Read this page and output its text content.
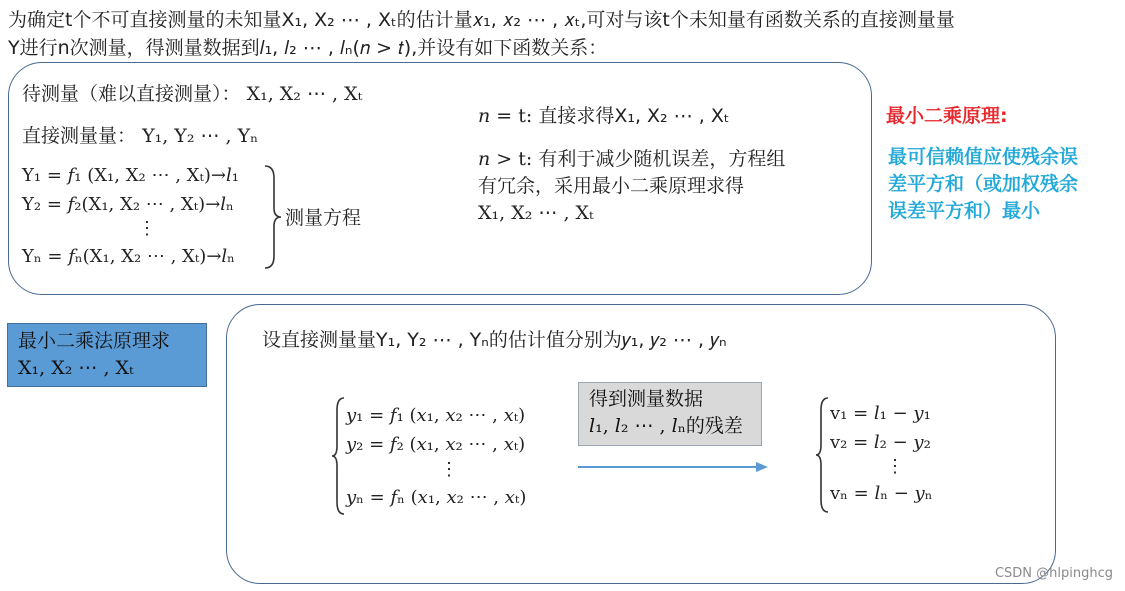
为确定t个不可直接测量的未知量X₁, X₂ ⋯ , Xₜ的估计量𝑥₁, 𝑥₂ ⋯ , 𝑥ₜ,可对与该t个未知量有函数关系的直接测量量
Y进行n次测量，得测量数据到𝑙₁, 𝑙₂ ⋯ , 𝑙ₙ(𝑛 > 𝑡),并设有如下函数关系：
待测量（难以直接测量）： X₁, X₂ ⋯ , Xₜ
直接测量量： Y₁, Y₂ ⋯ , Yₙ
Y₁ = 𝑓₁ (X₁, X₂ ⋯ , Xₜ)→𝑙₁
Y₂ = 𝑓₂(X₁, X₂ ⋯ , Xₜ)→𝑙ₙ
⋮
Yₙ = 𝑓ₙ(X₁, X₂ ⋯ , Xₜ)→𝑙ₙ
测量方程
𝑛 = t: 直接求得X₁, X₂ ⋯ , Xₜ
𝑛 > t: 有利于减少随机误差，方程组
有冗余，采用最小二乘原理求得
X₁, X₂ ⋯ , Xₜ
最小二乘原理:
最可信赖值应使残余误
差平方和（或加权残余
误差平方和）最小
最小二乘法原理求
X₁, X₂ ⋯ , Xₜ
设直接测量量Y₁, Y₂ ⋯ , Yₙ的估计值分别为𝑦₁, 𝑦₂ ⋯ , 𝑦ₙ
𝑦₁ = 𝑓₁ (𝑥₁, 𝑥₂ ⋯ , 𝑥ₜ)
𝑦₂ = 𝑓₂ (𝑥₁, 𝑥₂ ⋯ , 𝑥ₜ)
⋮
𝑦ₙ = 𝑓ₙ (𝑥₁, 𝑥₂ ⋯ , 𝑥ₜ)
得到测量数据
𝑙₁, 𝑙₂ ⋯ , 𝑙ₙ的残差
v₁ = 𝑙₁ − 𝑦₁
v₂ = 𝑙₂ − 𝑦₂
⋮
vₙ = 𝑙ₙ − 𝑦ₙ
CSDN @hlpinghcg
